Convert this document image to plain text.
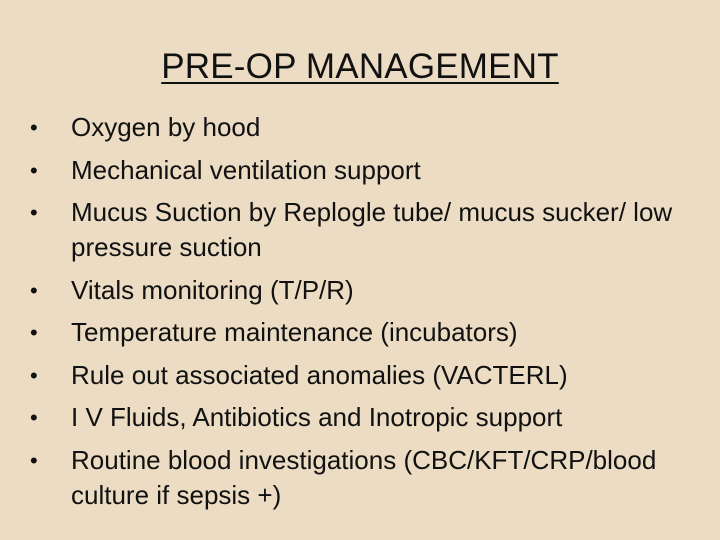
PRE-OP MANAGEMENT
•	Oxygen by hood
•	Mechanical ventilation support
•	Mucus Suction by Replogle tube/ mucus sucker/ low pressure suction
•	Vitals monitoring (T/P/R)
•	Temperature maintenance (incubators)
•	Rule out associated anomalies (VACTERL)
•	I V Fluids, Antibiotics and Inotropic support
•	Routine blood investigations (CBC/KFT/CRP/blood culture if sepsis +)
